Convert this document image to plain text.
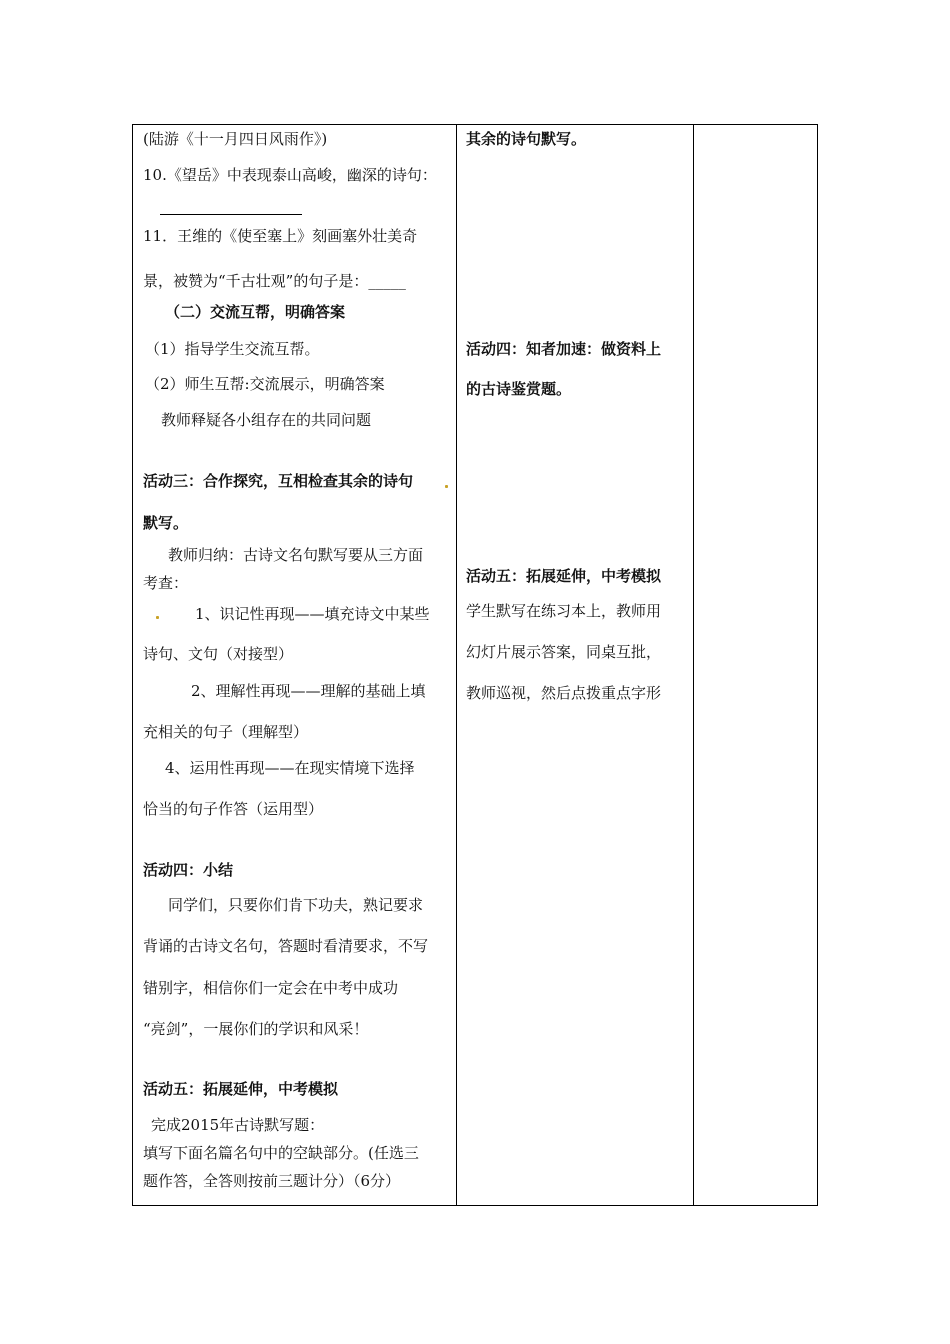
(陆游《十一月四日风雨作》)
10.《望岳》中表现泰山高峻，幽深的诗句：
11．王维的《使至塞上》刻画塞外壮美奇
景，被赞为“千古壮观”的句子是：_____
（二）交流互帮，明确答案
（1）指导学生交流互帮。
（2）师生互帮:交流展示，明确答案
教师释疑各小组存在的共同问题
活动三：合作探究，互相检查其余的诗句
默写。
教师归纳：古诗文名句默写要从三方面
考查：
1、识记性再现——填充诗文中某些
诗句、文句（对接型）
2、理解性再现——理解的基础上填
充相关的句子（理解型）
4、运用性再现——在现实情境下选择
恰当的句子作答（运用型）
活动四：小结
同学们，只要你们肯下功夫，熟记要求
背诵的古诗文名句，答题时看清要求，不写
错别字，相信你们一定会在中考中成功
“亮剑”，一展你们的学识和风采！
活动五：拓展延伸，中考模拟
完成2015年古诗默写题：
填写下面名篇名句中的空缺部分。(任选三
题作答，全答则按前三题计分）（6分）
其余的诗句默写。
活动四：知者加速：做资料上
的古诗鉴赏题。
活动五：拓展延伸，中考模拟
学生默写在练习本上，教师用
幻灯片展示答案，同桌互批，
教师巡视，然后点拨重点字形
